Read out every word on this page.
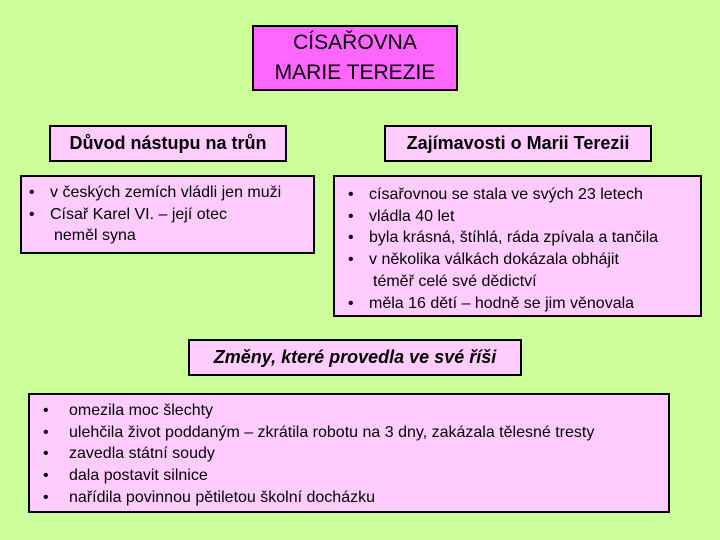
CÍSAŘOVNA
MARIE TEREZIE
Důvod nástupu na trůn	Zajímavosti o Marii Terezii
• v českých zemích vládli jen muži
• Císař Karel VI. – její otec
neměl syna
• císařovnou se stala ve svých 23 letech
• vládla 40 let
• byla krásná, štíhlá, ráda zpívala a tančila
• v několika válkách dokázala obhájit
téměř celé své dědictví
• měla 16 dětí – hodně se jim věnovala
Změny, které provedla ve své říši
• omezila moc šlechty
• ulehčila život poddaným – zkrátila robotu na 3 dny, zakázala tělesné tresty
• zavedla státní soudy
• dala postavit silnice
• nařídila povinnou pětiletou školní docházku
